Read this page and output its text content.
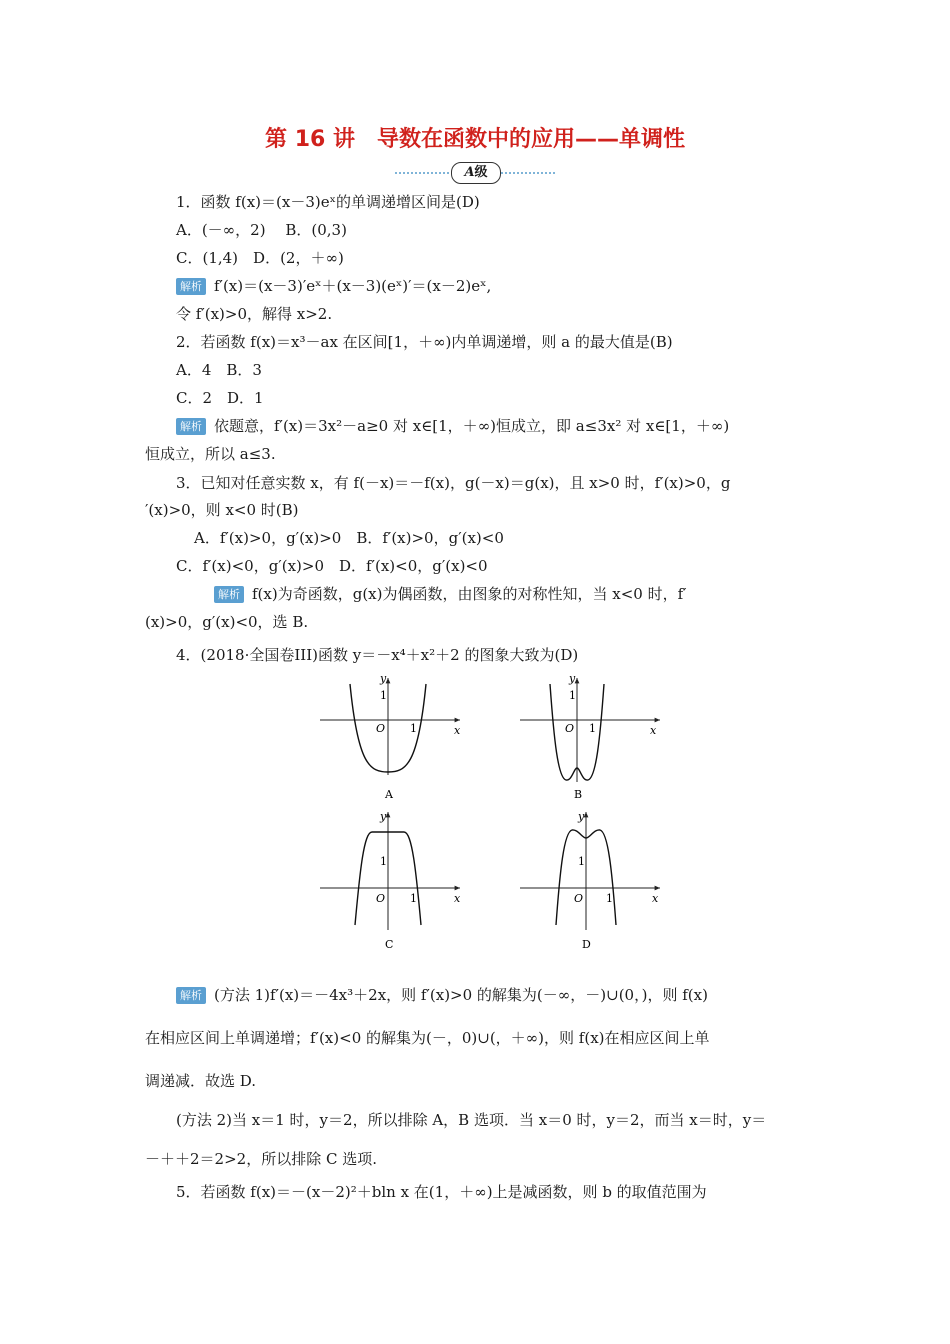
第 16 讲　导数在函数中的应用——单调性
A级
1．函数 f(x)＝(x－3)eˣ的单调递增区间是(D)
A．(－∞，2)　 B．(0,3)
C．(1,4)　D．(2，＋∞)
解析 f′(x)＝(x－3)′eˣ＋(x－3)(eˣ)′＝(x－2)eˣ,
令 f′(x)>0，解得 x>2.
2．若函数 f(x)＝x³－ax 在区间[1，＋∞)内单调递增，则 a 的最大值是(B)
A．4　B．3
C．2　D．1
解析 依题意，f′(x)＝3x²－a≥0 对 x∈[1，＋∞)恒成立，即 a≤3x² 对 x∈[1，＋∞)
恒成立，所以 a≤3.
3．已知对任意实数 x，有 f(－x)＝－f(x)，g(－x)＝g(x)，且 x>0 时，f′(x)>0，g
′(x)>0，则 x<0 时(B)
A．f′(x)>0，g′(x)>0　B．f′(x)>0，g′(x)<0
C．f′(x)<0，g′(x)>0　D．f′(x)<0，g′(x)<0
解析 f(x)为奇函数，g(x)为偶函数，由图象的对称性知，当 x<0 时，f′
(x)>0，g′(x)<0，选 B.
4．(2018·全国卷III)函数 y＝－x⁴＋x²＋2 的图象大致为(D)
y
x
O
1
1
A
y
x
O
1
1
B
y
x
O
1
1
C
y
x
O
1
1
D
解析 (方法 1)f′(x)＝－4x³＋2x，则 f′(x)>0 的解集为(－∞，－)∪(0，)，则 f(x)
在相应区间上单调递增；f′(x)<0 的解集为(－，0)∪(，＋∞)，则 f(x)在相应区间上单
调递减．故选 D.
(方法 2)当 x＝1 时，y＝2，所以排除 A，B 选项．当 x＝0 时，y＝2，而当 x＝时，y＝
－＋＋2＝2>2，所以排除 C 选项.
5．若函数 f(x)＝－(x－2)²＋bln x 在(1，＋∞)上是减函数，则 b 的取值范围为
